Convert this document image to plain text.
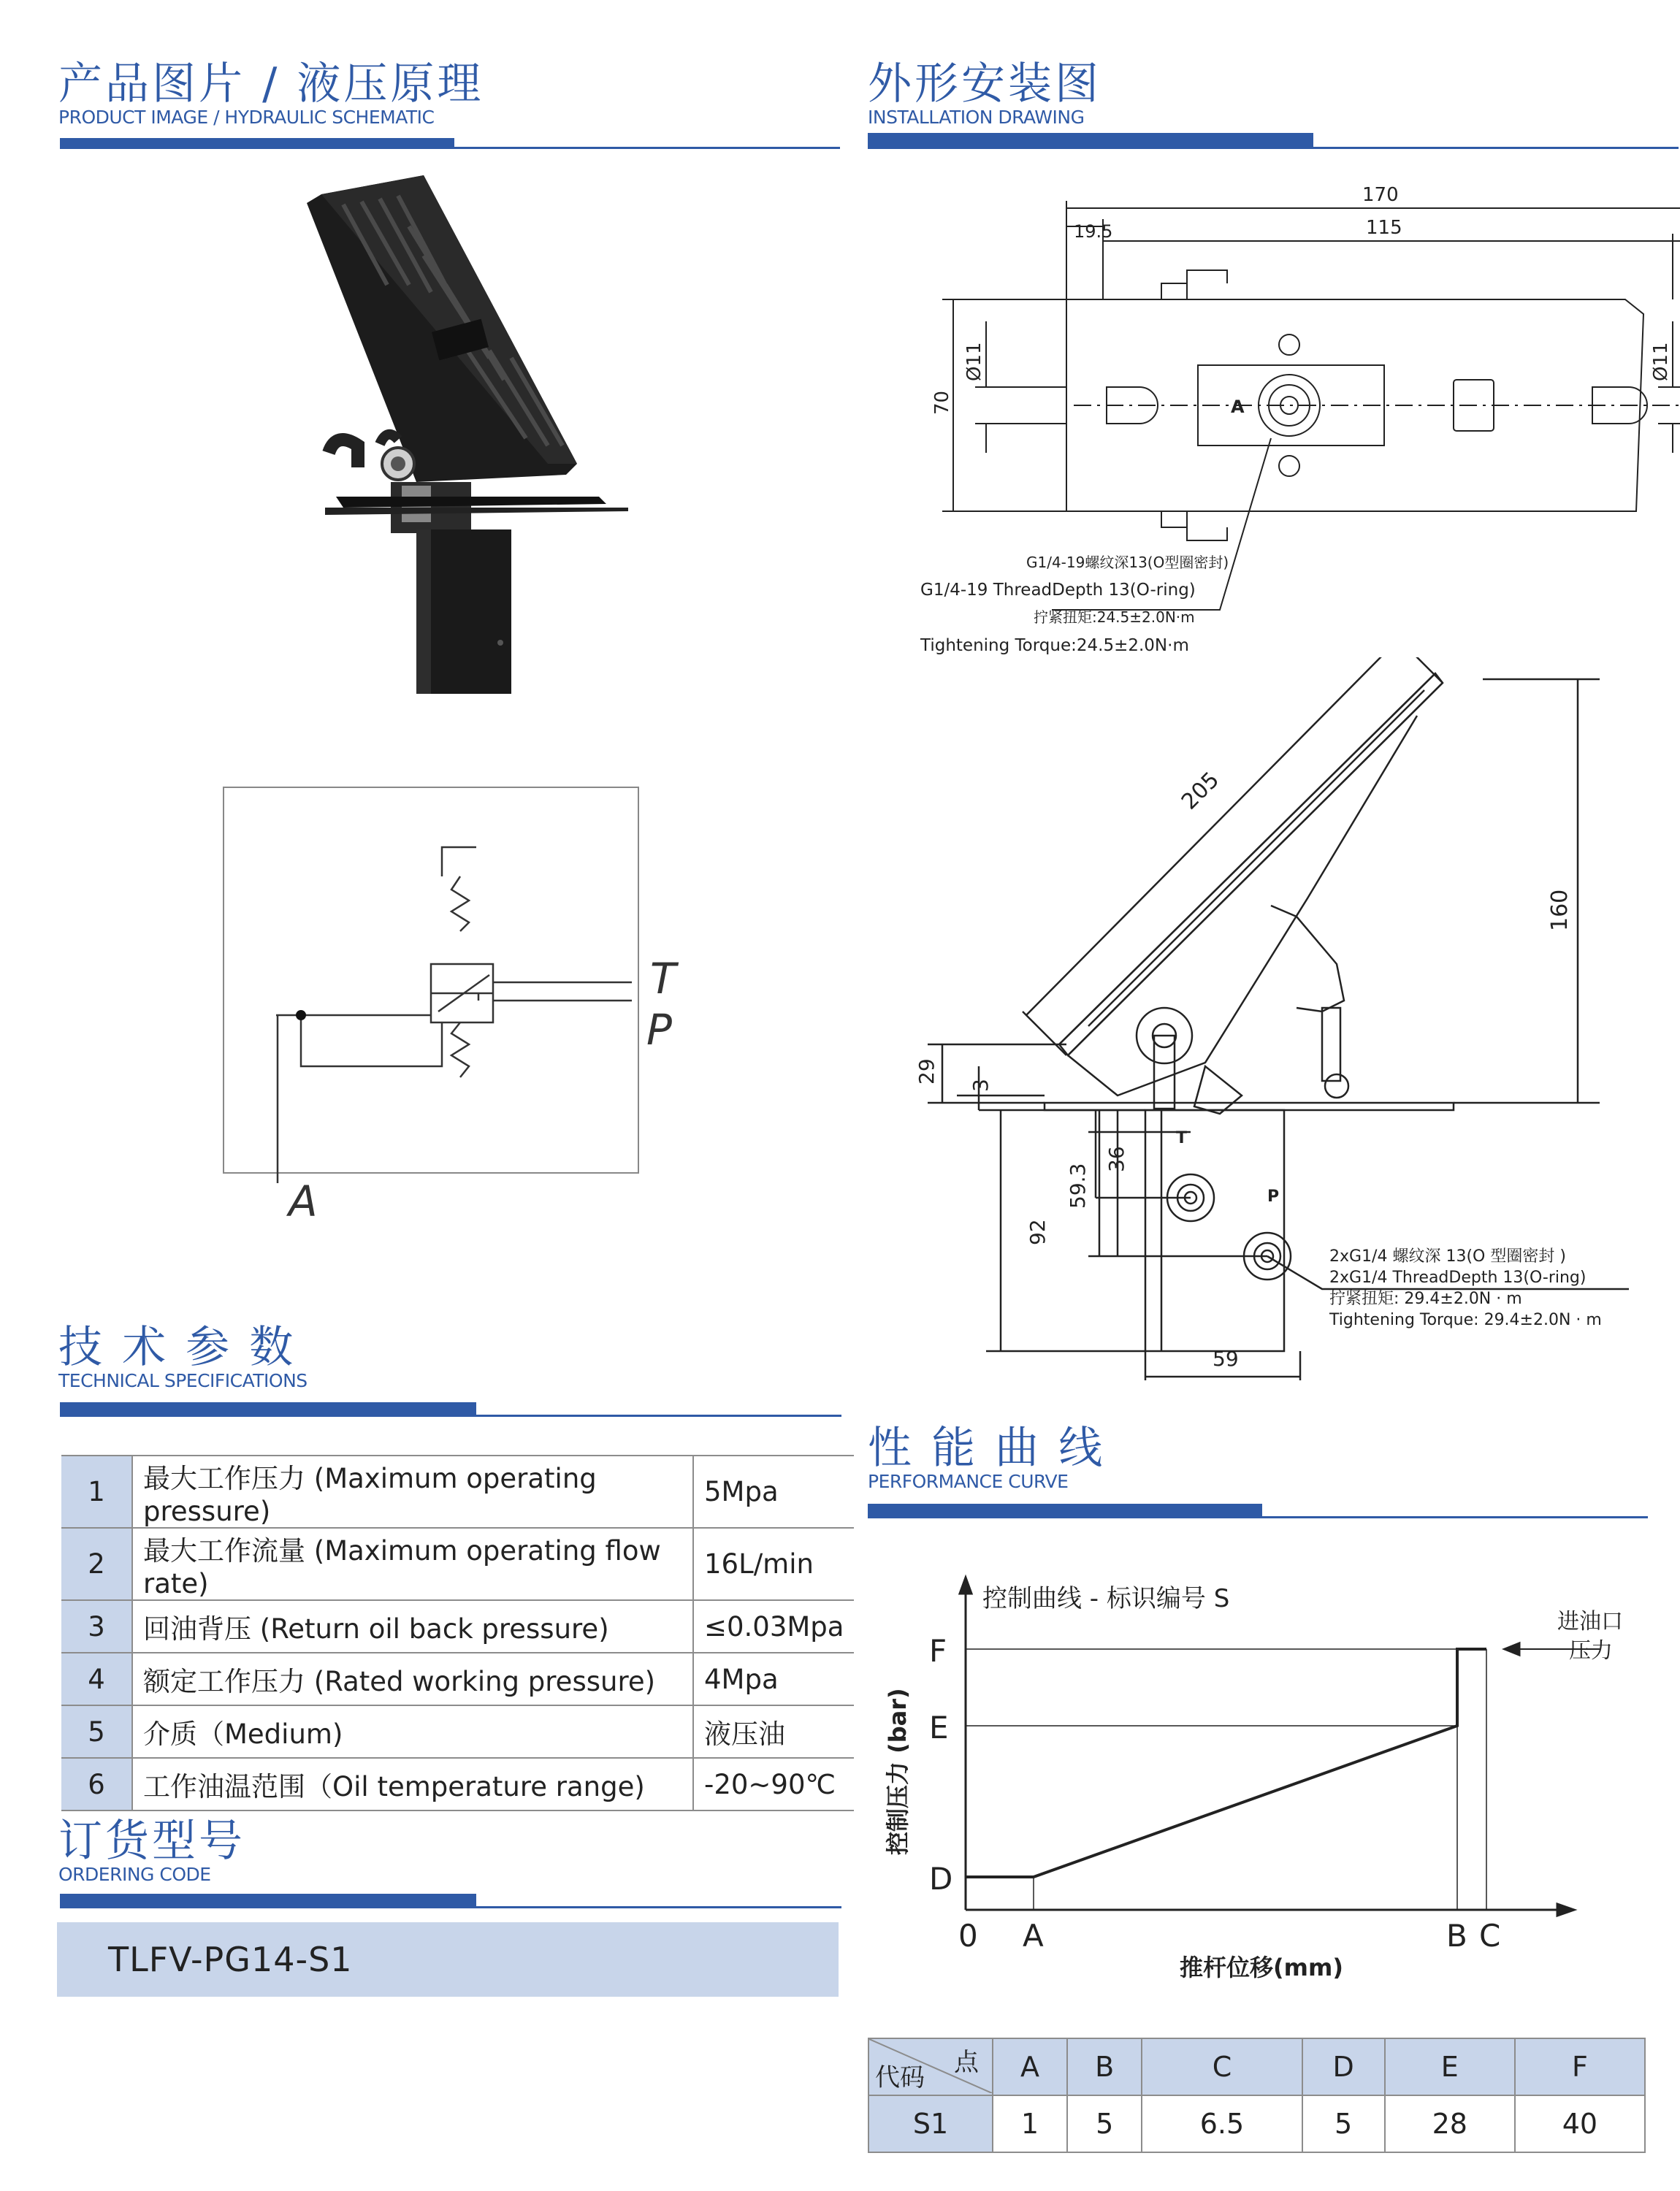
产品图片 / 液压原理
PRODUCT IMAGE / HYDRAULIC SCHEMATIC
外形安装图
INSTALLATION DRAWING
技 术 参 数
TECHNICAL SPECIFICATIONS
订货型号
ORDERING CODE
性 能 曲 线
PERFORMANCE CURVE
T
P
A
170
19.5	115
70
Ø11	Ø11
A
G1/4-19螺纹深13(O型圈密封)
G1/4-19 ThreadDepth 13(O-ring)
拧紧扭矩:24.5±2.0N·m
Tightening Torque:24.5±2.0N·m
205
160
29
3
36
59.3
92
59
T
P
2xG1/4 螺纹深 13(O 型圈密封 )
2xG1/4 ThreadDepth 13(O-ring)
拧紧扭矩: 29.4±2.0N · m
Tightening Torque: 29.4±2.0N · m
1	最大工作压力 (Maximum operating pressure)	5Mpa
2	最大工作流量 (Maximum operating flow rate)	16L/min
3	回油背压 (Return oil back pressure)	≤0.03Mpa
4	额定工作压力 (Rated working pressure)	4Mpa
5	介质（Medium)	液压油
6	工作油温范围（Oil temperature range)	-20~90℃
TLFV-PG14-S1
控制曲线 - 标识编号 S
进油口
压力
F
E
D
0 A	B C
推杆位移(mm)
控制压力 (bar)
点
代码	A	B	C	D	E	F
S1	1	5	6.5	5	28	40
